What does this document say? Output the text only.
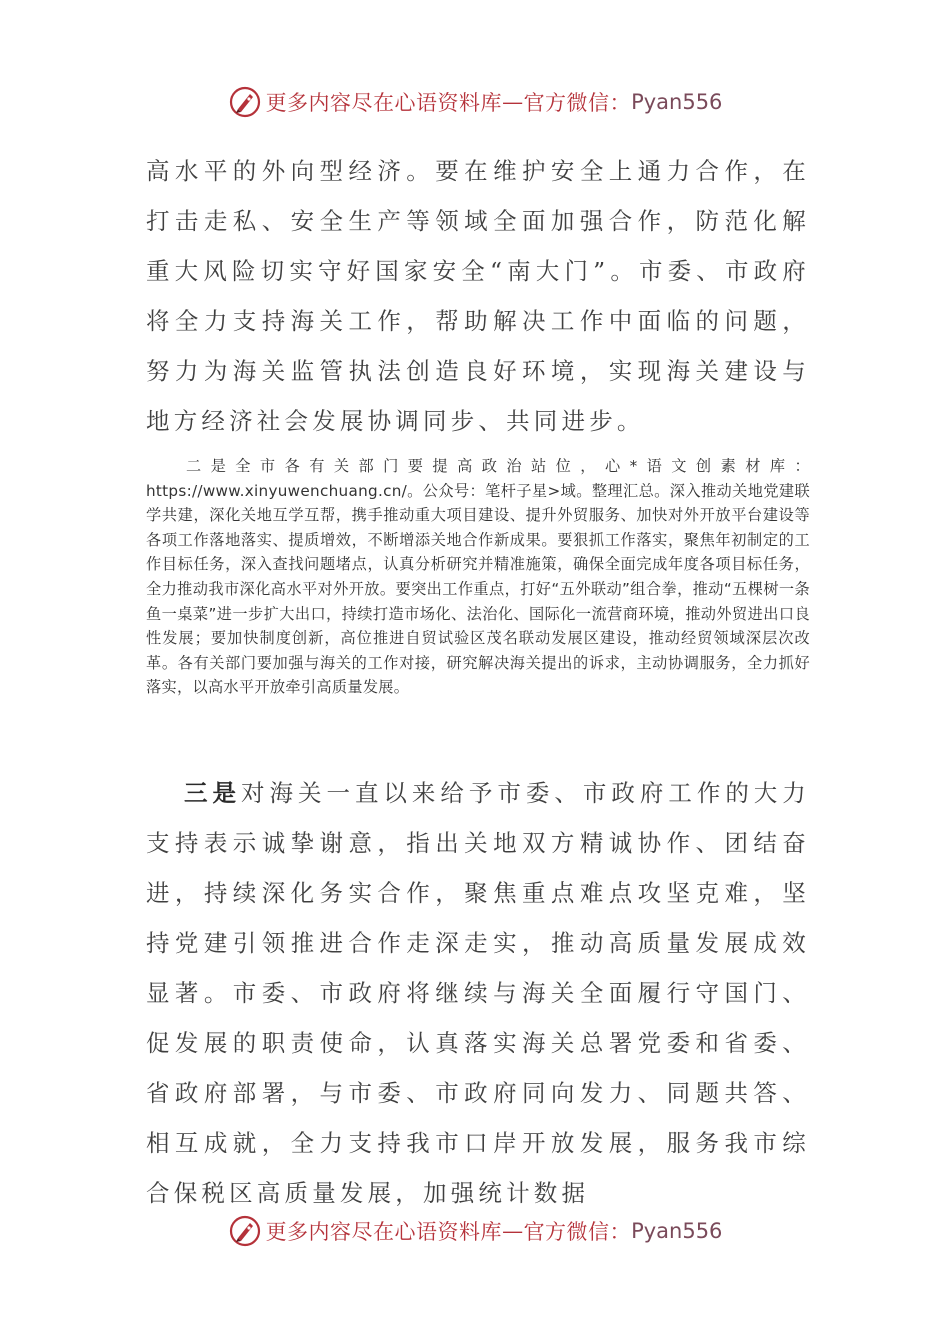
更多内容尽在心语资料库 — 官方微信： Pyan556

高水平的外向型经济。要在维护安全上通力合作，在打击走私、安全生产等领域全面加强合作，防范化解重大风险切实守好国家安全“南大门”。市委、市政府将全力支持海关工作，帮助解决工作中面临的问题，努力为海关监管执法创造良好环境，实现海关建设与地方经济社会发展协调同步、共同进步。

二是全市各有关部门要提高政治站位，心*语文创素材库：https://www.xinyuwenchuang.cn/。公众号：笔杆子星>域。整理汇总。深入推动关地党建联学共建，深化关地互学互帮，携手推动重大项目建设、提升外贸服务、加快对外开放平台建设等各项工作落地落实、提质增效，不断增添关地合作新成果。要狠抓工作落实，聚焦年初制定的工作目标任务，深入查找问题堵点，认真分析研究并精准施策，确保全面完成年度各项目标任务，全力推动我市深化高水平对外开放。要突出工作重点，打好“五外联动”组合拳，推动“五棵树一条鱼一桌菜”进一步扩大出口，持续打造市场化、法治化、国际化一流营商环境，推动外贸进出口良性发展；要加快制度创新，高位推进自贸试验区茂名联动发展区建设，推动经贸领域深层次改革。各有关部门要加强与海关的工作对接，研究解决海关提出的诉求，主动协调服务，全力抓好落实，以高水平开放牵引高质量发展。

三是对海关一直以来给予市委、市政府工作的大力支持表示诚挚谢意，指出关地双方精诚协作、团结奋进，持续深化务实合作，聚焦重点难点攻坚克难，坚持党建引领推进合作走深走实，推动高质量发展成效显著。市委、市政府将继续与海关全面履行守国门、促发展的职责使命，认真落实海关总署党委和省委、省政府部署，与市委、市政府同向发力、同题共答、相互成就，全力支持我市口岸开放发展，服务我市综合保税区高质量发展，加强统计数据

更多内容尽在心语资料库 — 官方微信： Pyan556
